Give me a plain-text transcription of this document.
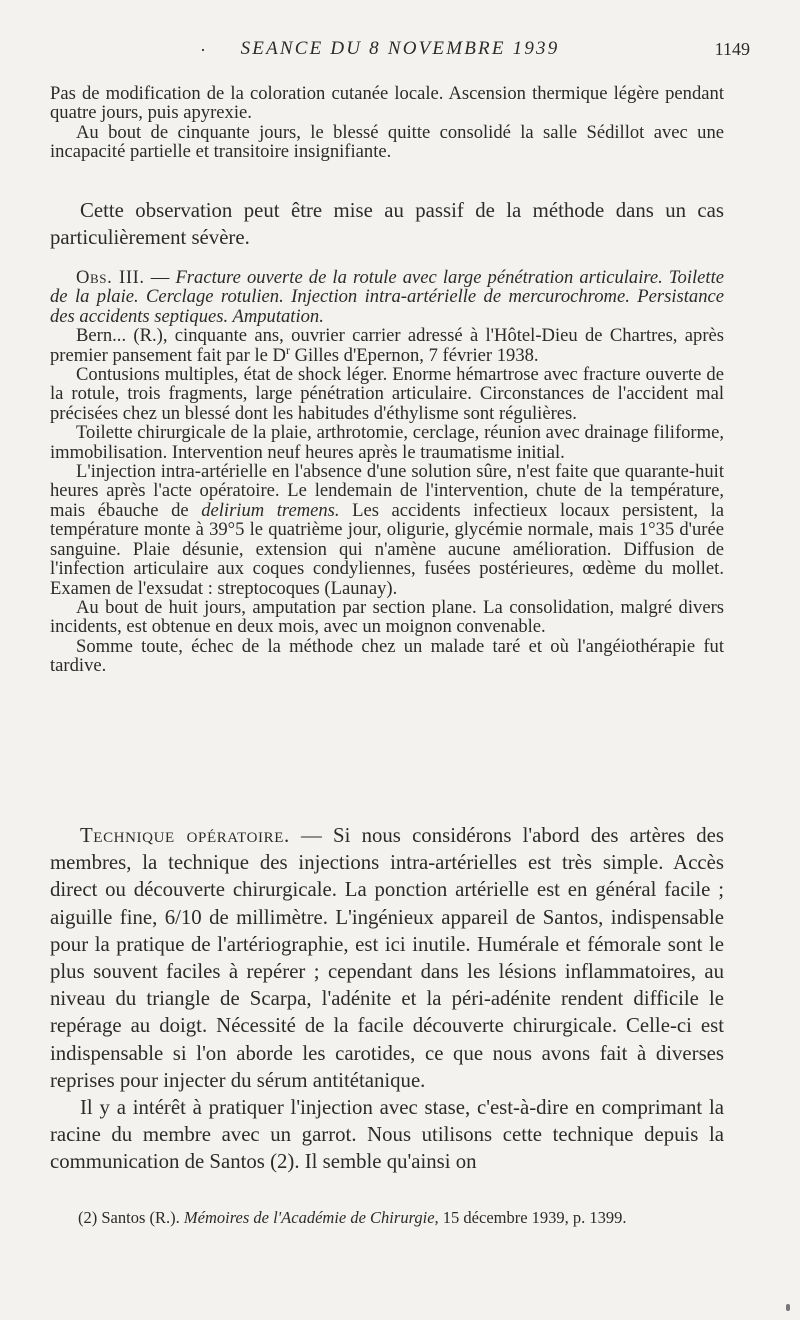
·	SEANCE DU 8 NOVEMBRE 1939	1149

Pas de modification de la coloration cutanée locale. Ascension thermique légère pendant quatre jours, puis apyrexie.

Au bout de cinquante jours, le blessé quitte consolidé la salle Sédillot avec une incapacité partielle et transitoire insignifiante.

Cette observation peut être mise au passif de la méthode dans un cas particulièrement sévère.

Obs. III. — Fracture ouverte de la rotule avec large pénétration articulaire. Toilette de la plaie. Cerclage rotulien. Injection intra-artérielle de mercurochrome. Persistance des accidents septiques. Amputation.

Bern... (R.), cinquante ans, ouvrier carrier adressé à l'Hôtel-Dieu de Chartres, après premier pansement fait par le $D^r$ Gilles d'Epernon, 7 février 1938.

Contusions multiples, état de shock léger. Enorme hémartrose avec fracture ouverte de la rotule, trois fragments, large pénétration articulaire. Circonstances de l'accident mal précisées chez un blessé dont les habitudes d'éthylisme sont régulières.

Toilette chirurgicale de la plaie, arthrotomie, cerclage, réunion avec drainage filiforme, immobilisation. Intervention neuf heures après le traumatisme initial.

L'injection intra-artérielle en l'absence d'une solution sûre, n'est faite que quarante-huit heures après l'acte opératoire. Le lendemain de l'intervention, chute de la température, mais ébauche de delirium tremens. Les accidents infectieux locaux persistent, la température monte à 39°5 le quatrième jour, oligurie, glycémie normale, mais 1°35 d'urée sanguine. Plaie désunie, extension qui n'amène aucune amélioration. Diffusion de l'infection articulaire aux coques condyliennes, fusées postérieures, œdème du mollet. Examen de l'exsudat : streptocoques (Launay).

Au bout de huit jours, amputation par section plane. La consolidation, malgré divers incidents, est obtenue en deux mois, avec un moignon convenable.

Somme toute, échec de la méthode chez un malade taré et où l'angéiothérapie fut tardive.

Technique opératoire. — Si nous considérons l'abord des artères des membres, la technique des injections intra-artérielles est très simple. Accès direct ou découverte chirurgicale. La ponction artérielle est en général facile ; aiguille fine, 6/10 de millimètre. L'ingénieux appareil de Santos, indispensable pour la pratique de l'artériographie, est ici inutile. Humérale et fémorale sont le plus souvent faciles à repérer ; cependant dans les lésions inflammatoires, au niveau du triangle de Scarpa, l'adénite et la péri-adénite rendent difficile le repérage au doigt. Nécessité de la facile découverte chirurgicale. Celle-ci est indispensable si l'on aborde les carotides, ce que nous avons fait à diverses reprises pour injecter du sérum antitétanique.

Il y a intérêt à pratiquer l'injection avec stase, c'est-à-dire en comprimant la racine du membre avec un garrot. Nous utilisons cette technique depuis la communication de Santos (2). Il semble qu'ainsi on

(2) Santos (R.). Mémoires de l'Académie de Chirurgie, 15 décembre 1939, p. 1399.
